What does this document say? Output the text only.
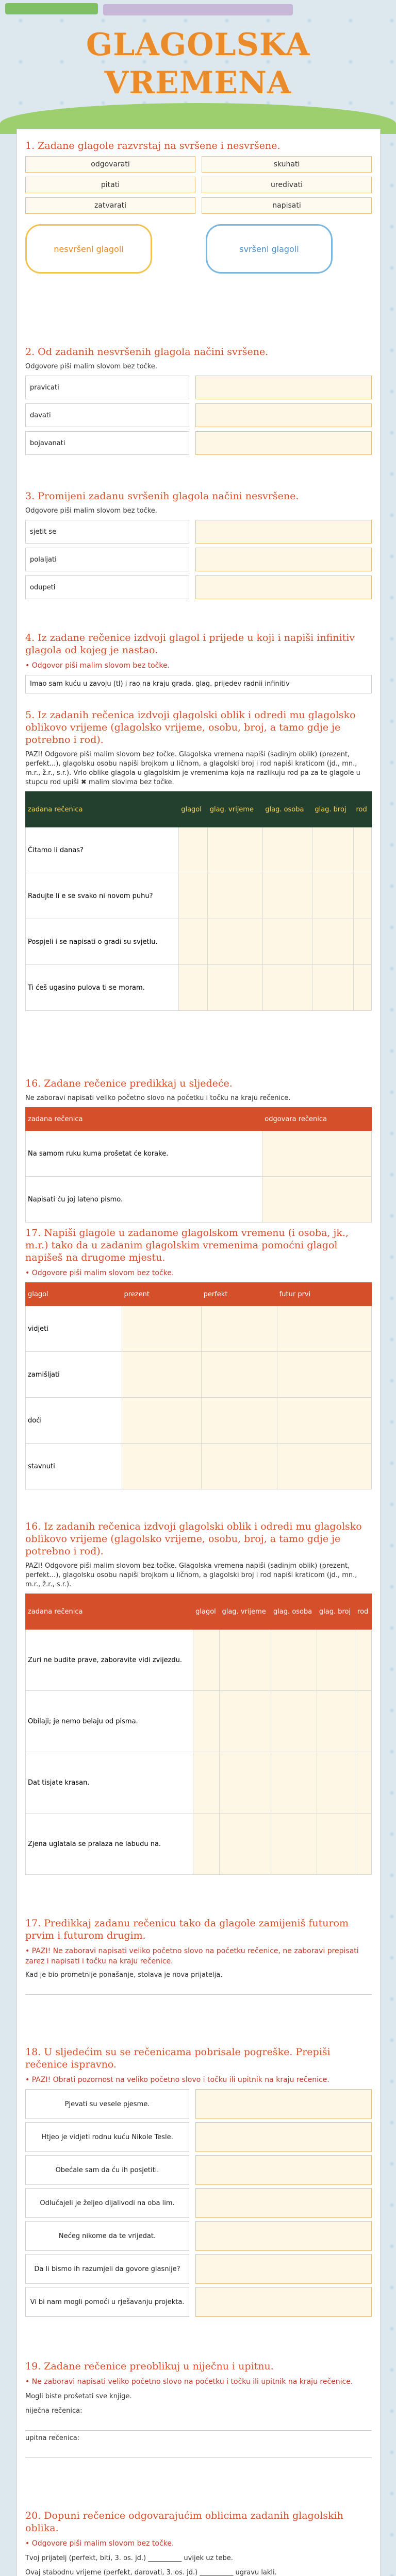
GLAGOLSKA
VREMENA
1. Zadane glagole razvrstaj na svršene i nesvršene.
odgovarati	skuhati
pitati	uredivati
zatvarati	napisati
nesvršeni glagoli	svršeni glagoli
2. Od zadanih nesvršenih glagola načini svršene.
Odgovore piši malim slovom bez točke.
pravicati
davati
bojavanati
3. Promijeni zadanu svršenih glagola načini nesvršene.
Odgovore piši malim slovom bez točke.
sjetit se
polaljati
odupeti
4. Iz zadane rečenice izdvoji glagol i prijede u koji i napiši infinitiv glagola od kojeg je nastao.
• Odgovor piši malim slovom bez točke.
Imao sam kuću u zavoju (tl) i rao na kraju grada. glag. prijedev radnii infinitiv
5. Iz zadanih rečenica izdvoji glagolski oblik i odredi mu glagolsko oblikovo vrijeme (glagolsko vrijeme, osobu, broj, a tamo gdje je potrebno i rod).
PAZI! Odgovore piši malim slovom bez točke. Glagolska vremena napiši (sadinjm oblik) (prezent, perfekt...), glagolsku osobu napiši brojkom u ličnom, a glagolski broj i rod napiši kraticom (jd., mn., m.r., ž.r., s.r.). Vrlo oblike glagola u glagolskim je vremenima koja na razlikuju rod pa za te glagole u stupcu rod upiši ✖ malim slovima bez točke.
zadana rečenica	glagol	glag. vrijeme	glag. osoba	glag. broj	rod
Čitamo li danas?					
Radujte li e se svako ni novom puhu?					
Pospjeli i se napisati o gradi su svjetlu.					
Ti ćeš ugasino pulova ti se moram.					
16. Zadane rečenice predikkaj u sljedeće.
Ne zaboravi napisati veliko početno slovo na početku i točku na kraju rečenice.
zadana rečenica	odgovara rečenica
Na samom ruku kuma prošetat će korake.	
Napisati ću joj lateno pismo.	
17. Napiši glagole u zadanome glagolskom vremenu (i osoba, jk., m.r.) tako da u zadanim glagolskim vremenima pomoćni glagol napišeš na drugome mjestu.
• Odgovore piši malim slovom bez točke.
glagol	prezent	perfekt	futur prvi
vidjeti			
zamišljati			
doći			
stavnuti			
16. Iz zadanih rečenica izdvoji glagolski oblik i odredi mu glagolsko oblikovo vrijeme (glagolsko vrijeme, osobu, broj, a tamo gdje je potrebno i rod).
PAZI! Odgovore piši malim slovom bez točke. Glagolska vremena napiši (sadinjm oblik) (prezent, perfekt...), glagolsku osobu napiši brojkom u ličnom, a glagolski broj i rod napiši kraticom (jd., mn., m.r., ž.r., s.r.).
zadana rečenica	glagol	glag. vrijeme	glag. osoba	glag. broj	rod
Zuri ne budite prave, zaboravite vidi zvijezdu.					
Obilaji; je nemo belaju od pisma.					
Dat tisjate krasan.					
Zjena uglatala se pralaza ne labudu na.					
17. Predikkaj zadanu rečenicu tako da glagole zamijeniš futurom prvim i futurom drugim.
• PAZI! Ne zaboravi napisati veliko početno slovo na početku rečenice, ne zaboravi prepisati zarez i napisati i točku na kraju rečenice.
Kad je bio prometnije ponašanje, stolava je nova prijatelja.
18. U sljedećim su se rečenicama pobrisale pogreške. Prepiši rečenice ispravno.
• PAZI! Obrati pozornost na veliko početno slovo i točku ili upitnik na kraju rečenice.
Pjevati su vesele pjesme.
Htjeo je vidjeti rodnu kuću Nikole Tesle.
Obećale sam da ću ih posjetiti.
Odlučajeli je željeo dijalivodi na oba lim.
Nećeg nikome da te vrijedat.
Da li bismo ih razumjeli da govore glasnije?
Vi bi nam mogli pomoći u rješavanju projekta.
19. Zadane rečenice preoblikuj u niječnu i upitnu.
• Ne zaboravi napisati veliko početno slovo na početku i točku ili upitnik na kraju rečenice.
Mogli biste prošetati sve knjige.
niječna rečenica:
upitna rečenica:
20. Dopuni rečenice odgovarajućim oblicima zadanih glagolskih oblika.
• Odgovore piši malim slovom bez točke.
Tvoj prijatelj (perfekt, biti, 3. os. jd.) __________ uvijek uz tebe.
Ovaj stabodnu vrijeme (perfekt, darovati, 3. os. jd.) __________ ugravu lakli.
